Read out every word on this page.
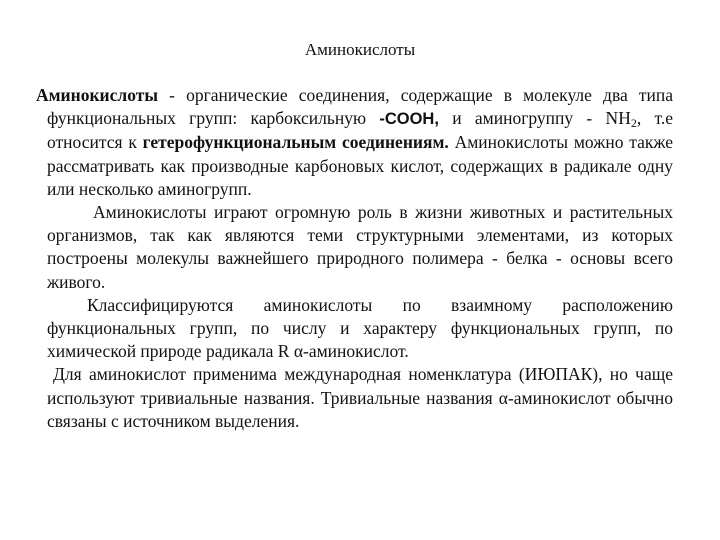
Аминокислоты

Аминокислоты - органические соединения, содержащие в молекуле два типа функциональных групп: карбоксильную -COOH, и аминогруппу - $NH_2$, т.е относится к гетерофункциональным соединениям. Аминокислоты можно также рассматривать как производные карбоновых кислот, содержащих в радикале одну или несколько аминогрупп.

Аминокислоты играют огромную роль в жизни животных и растительных организмов, так как являются теми структурными элементами, из которых построены молекулы важнейшего природного полимера - белка - основы всего живого.

Классифицируются аминокислоты по взаимному расположению функциональных групп, по числу и характеру функциональных групп, по химической природе радикала R α-аминокислот.

Для аминокислот применима международная номенклатура (ИЮПАК), но чаще используют тривиальные названия. Тривиальные названия α-аминокислот обычно связаны с источником выделения.
